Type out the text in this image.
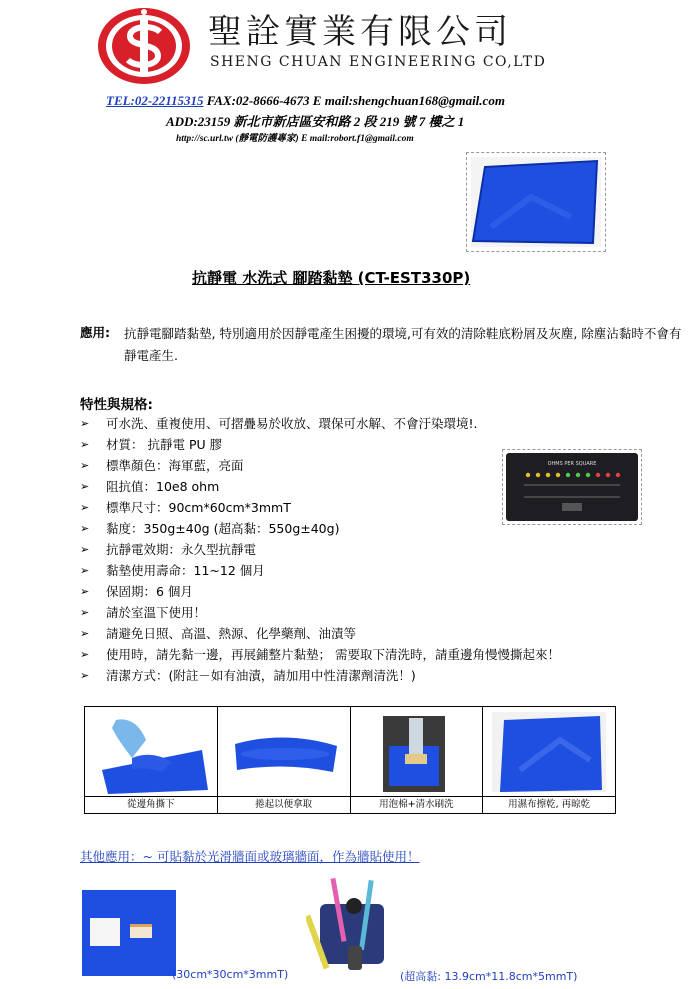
聖詮實業有限公司
SHENG CHUAN ENGINEERING CO,LTD
TEL:02-22115315 FAX:02-8666-4673 E mail:shengchuan168@gmail.com
ADD:23159 新北市新店區安和路 2 段 219 號 7 樓之 1
http://sc.url.tw (靜電防護專家) E mail:robort.f1@gmail.com
抗靜電 水洗式 腳踏黏墊 (CT-EST330P)
應用: 抗靜電腳踏黏墊, 特別適用於因靜電產生困擾的環境,可有效的清除鞋底粉屑及灰塵, 除塵沾黏時不會有靜電產生.
特性與規格:
➢	可水洗、重複使用、可摺疊易於收放、環保可水解、不會汙染環境!.
➢	材質： 抗靜電 PU 膠
➢	標準顏色：海軍藍，亮面
➢	阻抗值：10e8 ohm
➢	標準尺寸：90cm*60cm*3mmT
➢	黏度：350g±40g (超高黏：550g±40g)
➢	抗靜電效期：永久型抗靜電
➢	黏墊使用壽命：11~12 個月
➢	保固期：6 個月
➢	請於室溫下使用！
➢	請避免日照、高溫、熱源、化學藥劑、油漬等
➢	使用時，請先黏一邊，再展鋪整片黏墊； 需要取下清洗時，請重邊角慢慢撕起來！
➢	清潔方式：(附註－如有油漬，請加用中性清潔劑清洗！)
OHMS PER SQUARE
從邊角撕下	捲起以便拿取	用泡棉+清水刷洗	用濕布擦乾, 再晾乾
其他應用：~ 可貼黏於光滑牆面或玻璃牆面，作為牆貼使用！
(30cm*30cm*3mmT)	(超高黏: 13.9cm*11.8cm*5mmT)
